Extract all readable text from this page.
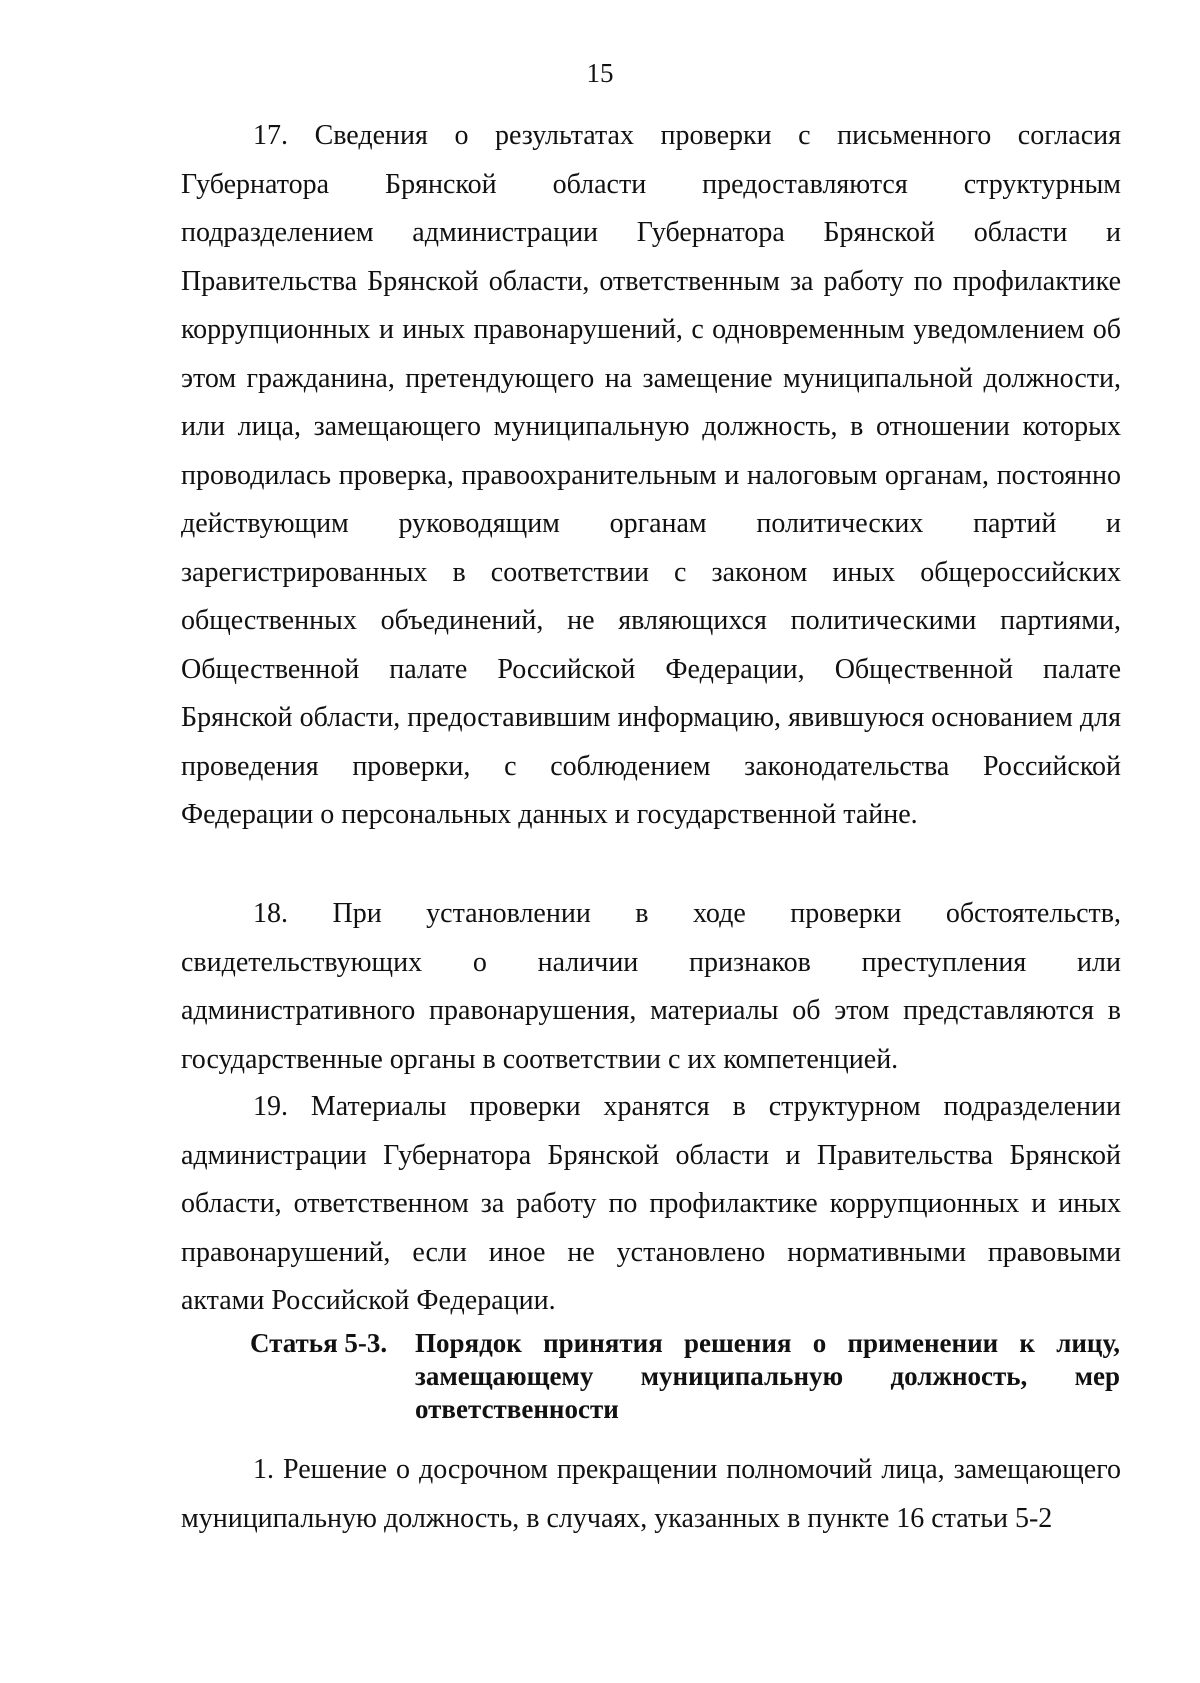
15

17. Сведения о результатах проверки с письменного согласия Губернатора Брянской области предоставляются структурным подразделением администрации Губернатора Брянской области и Правительства Брянской области, ответственным за работу по профилактике коррупционных и иных правонарушений, с одновременным уведомлением об этом гражданина, претендующего на замещение муниципальной должности, или лица, замещающего муниципальную должность, в отношении которых проводилась проверка, правоохранительным и налоговым органам, постоянно действующим руководящим органам политических партий и зарегистрированных в соответствии с законом иных общероссийских общественных объединений, не являющихся политическими партиями, Общественной палате Российской Федерации, Общественной палате Брянской области, предоставившим информацию, явившуюся основанием для проведения проверки, с соблюдением законодательства Российской Федерации о персональных данных и государственной тайне.

18. При установлении в ходе проверки обстоятельств, свидетельствующих о наличии признаков преступления или административного правонарушения, материалы об этом представляются в государственные органы в соответствии с их компетенцией.

19. Материалы проверки хранятся в структурном подразделении администрации Губернатора Брянской области и Правительства Брянской области, ответственном за работу по профилактике коррупционных и иных правонарушений, если иное не установлено нормативными правовыми актами Российской Федерации.

Статья 5-3.	Порядок принятия решения о применении к лицу, замещающему муниципальную должность, мер ответственности

1. Решение о досрочном прекращении полномочий лица, замещающего муниципальную должность, в случаях, указанных в пункте 16 статьи 5-2
